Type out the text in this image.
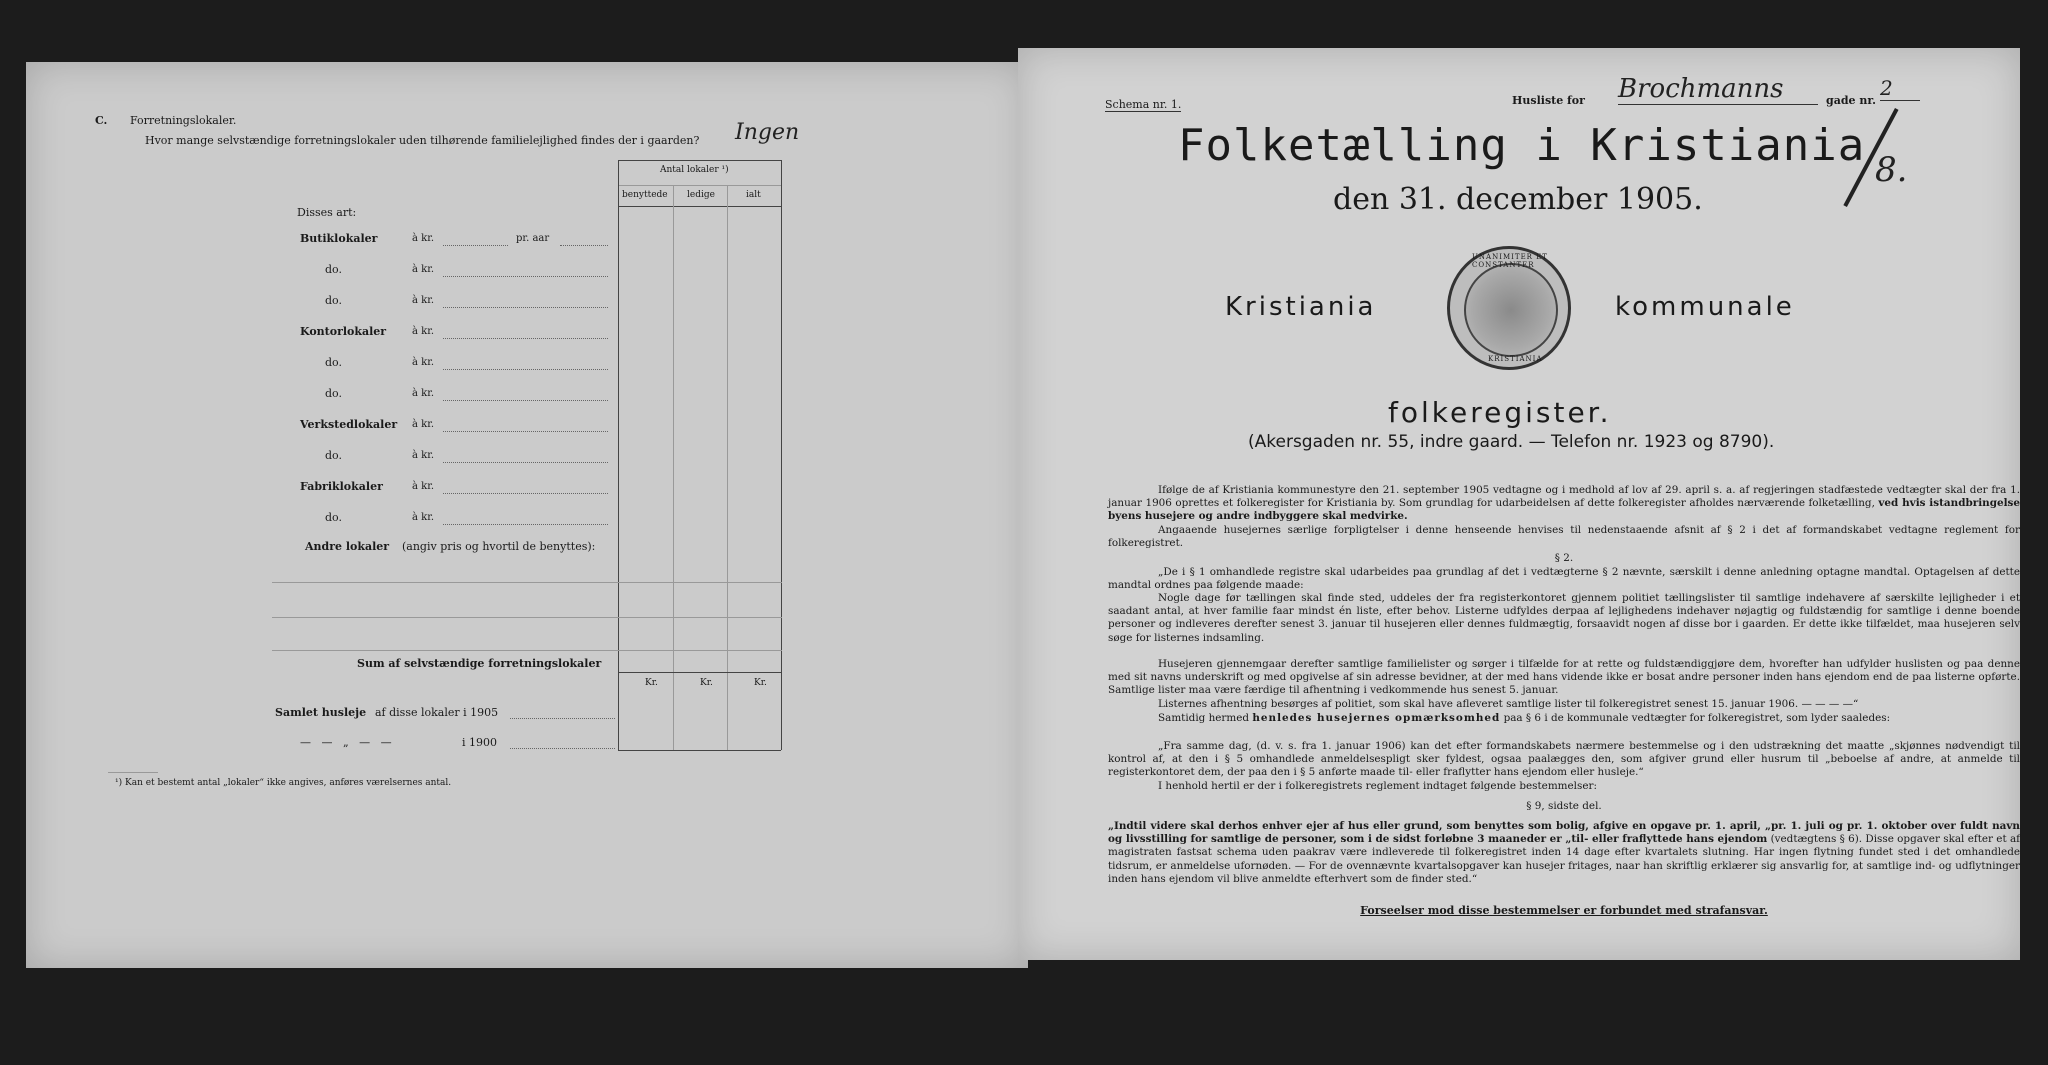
C. Forretningslokaler.
Hvor mange selvstændige forretningslokaler uden tilhørende familielejlighed findes der i gaarden?	Ingen
Antal lokaler ¹)
benyttede ledige	ialt
Disses art:
Butiklokaler	à kr.	pr. aar
do.	à kr.
do.	à kr.
Kontorlokaler	à kr.
do.	à kr.
do.	à kr.
Verkstedlokaler à kr.
do.	à kr.
Fabriklokaler	à kr.
do.	à kr.
Andre lokaler (angiv pris og hvortil de benyttes):
Sum af selvstændige forretningslokaler
Kr.	Kr.	Kr.
Samlet husleje af disse lokaler i 1905
—   —   „   —   —	i 1900
¹) Kan et bestemt antal „lokaler“ ikke angives, anføres værelsernes antal.
Schema nr. 1.	Husliste for Brochmanns	gade nr.
2
8.
Folketælling i Kristiania
den 31. december 1905.
Kristiania
UNANIMITER ET CONSTANTER
KRISTIANIA
kommunale
folkeregister.
(Akersgaden nr. 55, indre gaard. — Telefon nr. 1923 og 8790).
Ifølge de af Kristiania kommunestyre den 21. september 1905 vedtagne og i medhold af lov af 29. april s. a. af regjeringen stadfæstede vedtægter skal der fra 1. januar 1906 oprettes et folkeregister for Kristiania by. Som grundlag for udarbeidelsen af dette folkeregister afholdes nærværende folketælling, ved hvis istandbringelse byens husejere og andre indbyggere skal medvirke.
Angaaende husejernes særlige forpligtelser i denne henseende henvises til nedenstaaende afsnit af § 2 i det af formandskabet vedtagne reglement for folkeregistret.
§ 2.
„De i § 1 omhandlede registre skal udarbeides paa grundlag af det i vedtægterne § 2 nævnte, særskilt i denne anledning optagne mandtal. Optagelsen af dette mandtal ordnes paa følgende maade:
Nogle dage før tællingen skal finde sted, uddeles der fra registerkontoret gjennem politiet tællingslister til samtlige indehavere af særskilte lejligheder i et saadant antal, at hver familie faar mindst én liste, efter behov. Listerne udfyldes derpaa af lejlighedens indehaver nøjagtig og fuldstændig for samtlige i denne boende personer og indleveres derefter senest 3. januar til husejeren eller dennes fuldmægtig, forsaavidt nogen af disse bor i gaarden. Er dette ikke tilfældet, maa husejeren selv søge for listernes indsamling.
Husejeren gjennemgaar derefter samtlige familielister og sørger i tilfælde for at rette og fuldstændiggjøre dem, hvorefter han udfylder huslisten og paa denne med sit navns underskrift og med opgivelse af sin adresse bevidner, at der med hans vidende ikke er bosat andre personer inden hans ejendom end de paa listerne opførte. Samtlige lister maa være færdige til afhentning i vedkommende hus senest 5. januar.
Listernes afhentning besørges af politiet, som skal have afleveret samtlige lister til folkeregistret senest 15. januar 1906. — — — —“
Samtidig hermed henledes husejernes opmærksomhed paa § 6 i de kommunale vedtægter for folkeregistret, som lyder saaledes:
„Fra samme dag, (d. v. s. fra 1. januar 1906) kan det efter formandskabets nærmere bestemmelse og i den udstrækning det maatte „skjønnes nødvendigt til kontrol af, at den i § 5 omhandlede anmeldelsespligt sker fyldest, ogsaa paalægges den, som afgiver grund eller husrum til „beboelse af andre, at anmelde til registerkontoret dem, der paa den i § 5 anførte maade til- eller fraflytter hans ejendom eller husleje.“
I henhold hertil er der i folkeregistrets reglement indtaget følgende bestemmelser:
§ 9, sidste del.
„Indtil videre skal derhos enhver ejer af hus eller grund, som benyttes som bolig, afgive en opgave pr. 1. april, „pr. 1. juli og pr. 1. oktober over fuldt navn og livsstilling for samtlige de personer, som i de sidst forløbne 3 maaneder er „til- eller fraflyttede hans ejendom (vedtægtens § 6). Disse opgaver skal efter et af magistraten fastsat schema uden paakrav være indleverede til folkeregistret inden 14 dage efter kvartalets slutning. Har ingen flytning fundet sted i det omhandlede tidsrum, er anmeldelse ufornøden. — For de ovennævnte kvartalsopgaver kan husejer fritages, naar han skriftlig erklærer sig ansvarlig for, at samtlige ind- og udflytninger inden hans ejendom vil blive anmeldte efterhvert som de finder sted.“
Forseelser mod disse bestemmelser er forbundet med strafansvar.
